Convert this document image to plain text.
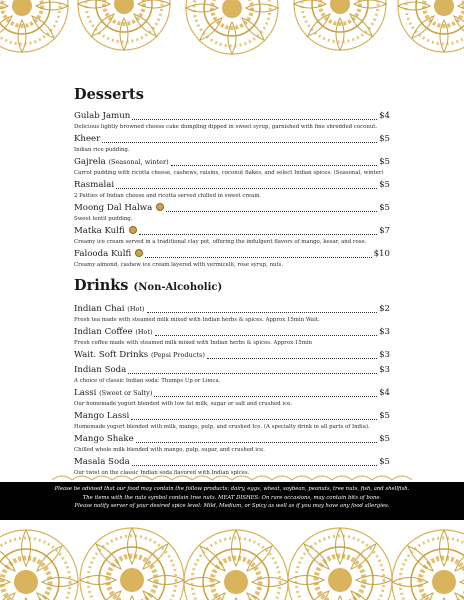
Desserts
Gulab Jamun	$4
Delicious lightly browned cheese cake dumpling dipped in sweet syrup, garnished with fine shredded coconut.
Kheer	$5
Indian rice pudding.
Gajrela (Seasonal, winter)	$5
Carrot pudding with ricotta cheese, cashews, raisins, coconut flakes, and select Indian spices. (Seasonal, winter)
Rasmalai	$5
2 Patties of Indian cheese and ricotta served chilled in sweet cream.
Moong Dal Halwa	$5
Sweet lentil pudding.
Matka Kulfi	$7
Creamy ice cream served in a traditional clay pot, offering the indulgent flavors of mango, kesar, and rose.
Falooda Kulfi	$10
Creamy almond, cashew ice cream layered with vermicelli, rose syrup, nuts.
Drinks (Non-Alcoholic)
Indian Chai (Hot)	$2
Fresh tea made with steamed milk mixed with Indian herbs & spices. Approx 15min Wait.
Indian Coffee (Hot)	$3
Fresh coffee made with steamed milk mixed with Indian herbs & spices. Approx 15min
Wait. Soft Drinks (Pepsi Products)	$3
Indian Soda	$3
A choice of classic Indian soda: Thumps Up or Limca.
Lassi (Sweet or Salty)	$4
Our homemade yogurt blended with low fat milk, sugar or salt and crushed ice.
Mango Lassi	$5
Homemade yogurt blended with milk, mango, pulp, and crushed Ice. (A specialty drink in all parts of India).
Mango Shake	$5
Chilled whole milk blended with mango, pulp, sugar, and crushed ice.
Masala Soda	$5
Our twist on the classic Indian soda flavored with Indian spices.
Please be advised that our food may contain the follow products: dairy, eggs, wheat, soybean, peanuts, tree nuts, fish, and shellfish.
The items with the nuts symbol contain tree nuts. MEAT DISHES: On rare occasions, may contain bits of bone.
Please notify server of your desired spice level: Mild, Medium, or Spicy as well as if you may have any food allergies.
